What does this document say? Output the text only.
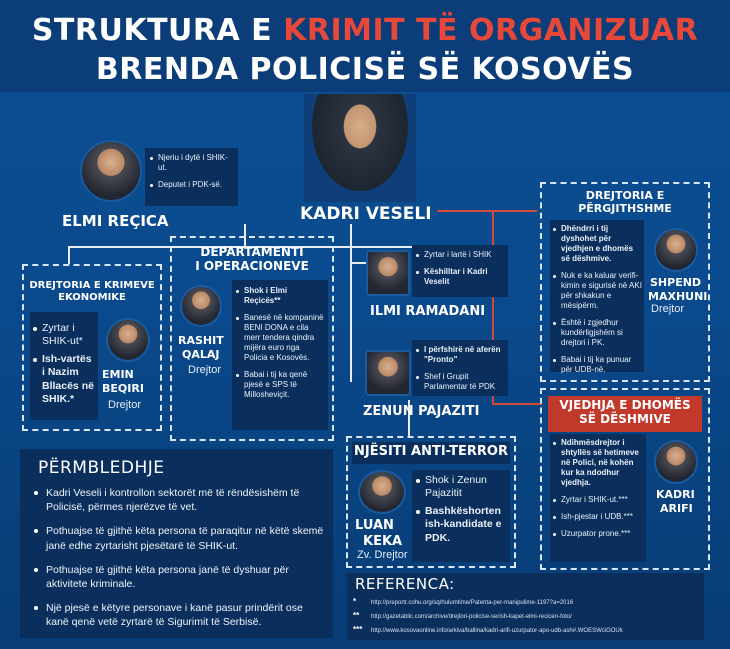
STRUKTURA E KRIMIT TË ORGANIZUAR
BRENDA POLICISË SË KOSOVËS
KADRI VESELI
Njeriu i dytë i SHIK-ut.
Deputet i PDK-së.
ELMI REÇICA
DREJTORIA E KRIMEVE EKONOMIKE
Zyrtar i SHIK-ut*
Ish-vartës i Nazim Bllacës në SHIK.*
EMIN
BEQIRI
Drejtor
DEPARTAMENTI
I OPERACIONEVE
RASHIT
QALAJ
Drejtor
Shok i Elmi Reçicës**
Banesë në kompaninë BENI DONA e cila merr tendera qindra mijëra euro nga Policia e Kosovës.
Babai i tij ka qenë pjesë e SPS të Millosheviçit.
Zyrtar i lartë i SHIK
Këshilltar i Kadri Veselit
ILMI RAMADANI
I përfshirë në aferën "Pronto"
Shef i Grupit Parlamentar të PDK
ZENUN PAJAZITI
DREJTORIA E
PËRGJITHSHME
Dhëndrri i tij dyshohet për vjedhjen e dhomës së dëshmive.
Nuk e ka kaluar verifi-kimin e sigurisë në AKI për shkakun e mësipërm.
Është i zgjedhur kundërligjshëm si drejtori i PK.
Babai i tij ka punuar për UDB-në.
SHPEND
MAXHUNI
Drejtor
VJEDHJA E DHOMËS
SË DËSHMIVE
Ndihmësdrejtor i shtyllës së hetimeve në Polici, në kohën kur ka ndodhur vjedhja.
Zyrtar i SHIK-ut.***
Ish-pjestar i UDB.***
Uzurpator prone.***
KADRI
ARIFI
NJËSITI ANTI-TERROR
LUAN
KEKA
Zv. Drejtor
Shok i Zenun Pajazitit
Bashkëshorten ish-kandidate e PDK.
PËRMBLEDHJE
Kadri Veseli i kontrollon sektorët më të rëndësishëm të Policisë, përmes njerëzve të vet.
Pothuajse të gjithë këta persona të paraqitur në këtë skemë janë edhe zyrtarisht pjesëtarë të SHIK-ut.
Pothuajse të gjithë këta persona janë të dyshuar për aktivitete kriminale.
Një pjesë e këtyre personave i kanë pasur prindërit ose kanë qenë vetë zyrtarë të Sigurimit të Serbisë.
REFERENCA:
* http://preportr.cohu.org/sq/hulumtime/Patenta-per-manipulime-1197?a=2016
** http://gazetablic.com/archive/drejtori-policise-serish-kapet-elmi-recicen-foto/
*** http://www.kosovaonline.info/arkiva/ballina/kadri-arifi-uzurpator-apo-udb-ash#.WOESWciGOUk
